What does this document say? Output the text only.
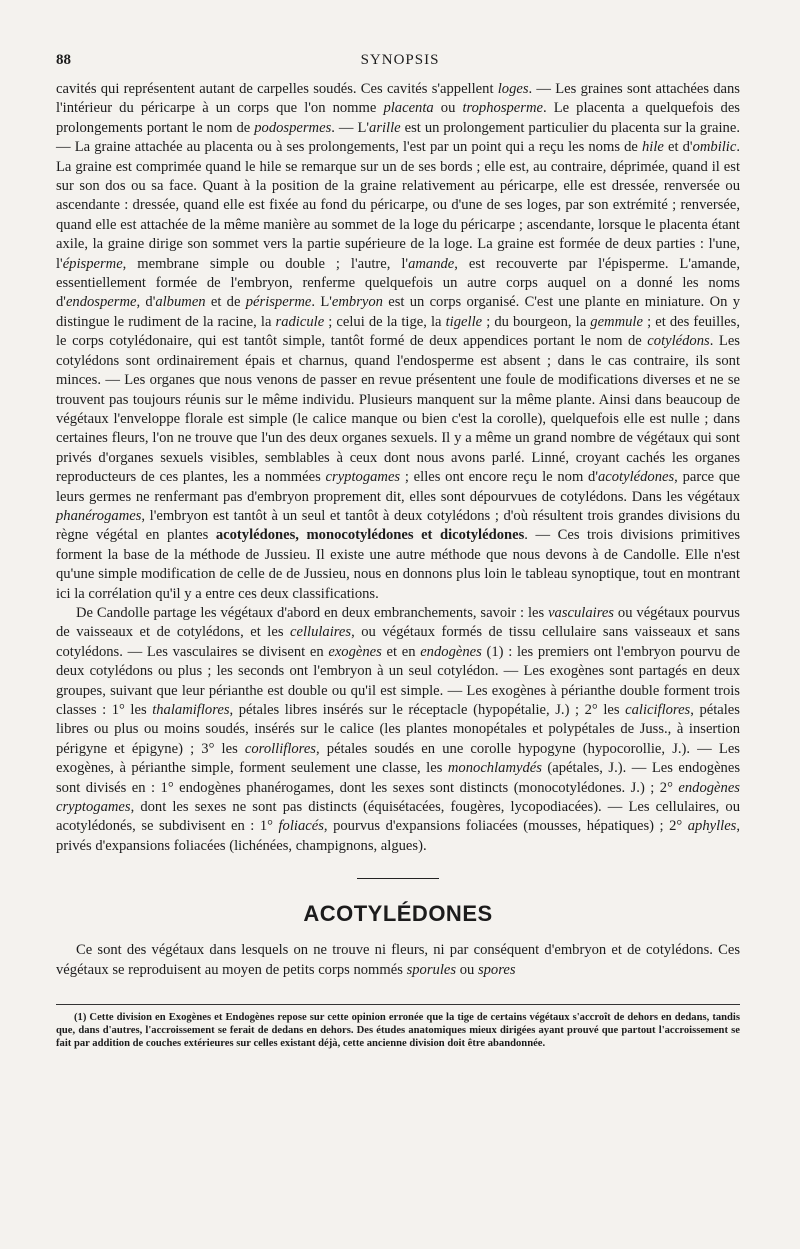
88	SYNOPSIS

cavités qui représentent autant de carpelles soudés. Ces cavités s'appellent loges. — Les graines sont attachées dans l'intérieur du péricarpe à un corps que l'on nomme placenta ou trophosperme. Le placenta a quelquefois des prolongements portant le nom de podospermes. — L'arille est un prolongement particulier du placenta sur la graine. — La graine attachée au placenta ou à ses prolongements, l'est par un point qui a reçu les noms de hile et d'ombilic. La graine est comprimée quand le hile se remarque sur un de ses bords ; elle est, au contraire, déprimée, quand il est sur son dos ou sa face. Quant à la position de la graine relativement au péricarpe, elle est dressée, renversée ou ascendante : dressée, quand elle est fixée au fond du péricarpe, ou d'une de ses loges, par son extrémité ; renversée, quand elle est attachée de la même manière au sommet de la loge du péricarpe ; ascendante, lorsque le placenta étant axile, la graine dirige son sommet vers la partie supérieure de la loge. La graine est formée de deux parties : l'une, l'épisperme, membrane simple ou double ; l'autre, l'amande, est recouverte par l'épisperme. L'amande, essentiellement formée de l'embryon, renferme quelquefois un autre corps auquel on a donné les noms d'endosperme, d'albumen et de périsperme. L'embryon est un corps organisé. C'est une plante en miniature. On y distingue le rudiment de la racine, la radicule ; celui de la tige, la tigelle ; du bourgeon, la gemmule ; et des feuilles, le corps cotylédonaire, qui est tantôt simple, tantôt formé de deux appendices portant le nom de cotylédons. Les cotylédons sont ordinairement épais et charnus, quand l'endosperme est absent ; dans le cas contraire, ils sont minces. — Les organes que nous venons de passer en revue présentent une foule de modifications diverses et ne se trouvent pas toujours réunis sur le même individu. Plusieurs manquent sur la même plante. Ainsi dans beaucoup de végétaux l'enveloppe florale est simple (le calice manque ou bien c'est la corolle), quelquefois elle est nulle ; dans certaines fleurs, l'on ne trouve que l'un des deux organes sexuels. Il y a même un grand nombre de végétaux qui sont privés d'organes sexuels visibles, semblables à ceux dont nous avons parlé. Linné, croyant cachés les organes reproducteurs de ces plantes, les a nommées cryptogames ; elles ont encore reçu le nom d'acotylédones, parce que leurs germes ne renfermant pas d'embryon proprement dit, elles sont dépourvues de cotylédons. Dans les végétaux phanérogames, l'embryon est tantôt à un seul et tantôt à deux cotylédons ; d'où résultent trois grandes divisions du règne végétal en plantes acotylédones, monocotylédones et dicotylédones. — Ces trois divisions primitives forment la base de la méthode de Jussieu. Il existe une autre méthode que nous devons à de Candolle. Elle n'est qu'une simple modification de celle de de Jussieu, nous en donnons plus loin le tableau synoptique, tout en montrant ici la corrélation qu'il y a entre ces deux classifications.

De Candolle partage les végétaux d'abord en deux embranchements, savoir : les vasculaires ou végétaux pourvus de vaisseaux et de cotylédons, et les cellulaires, ou végétaux formés de tissu cellulaire sans vaisseaux et sans cotylédons. — Les vasculaires se divisent en exogènes et en endogènes (1) : les premiers ont l'embryon pourvu de deux cotylédons ou plus ; les seconds ont l'embryon à un seul cotylédon. — Les exogènes sont partagés en deux groupes, suivant que leur périanthe est double ou qu'il est simple. — Les exogènes à périanthe double forment trois classes : 1° les thalamiflores, pétales libres insérés sur le réceptacle (hypopétalie, J.) ; 2° les caliciflores, pétales libres ou plus ou moins soudés, insérés sur le calice (les plantes monopétales et polypétales de Juss., à insertion périgyne et épigyne) ; 3° les corolliflores, pétales soudés en une corolle hypogyne (hypocorollie, J.). — Les exogènes, à périanthe simple, forment seulement une classe, les monochlamydés (apétales, J.). — Les endogènes sont divisés en : 1° endogènes phanérogames, dont les sexes sont distincts (monocotylédones. J.) ; 2° endogènes cryptogames, dont les sexes ne sont pas distincts (équisétacées, fougères, lycopodiacées). — Les cellulaires, ou acotylédonés, se subdivisent en : 1° foliacés, pourvus d'expansions foliacées (mousses, hépatiques) ; 2° aphylles, privés d'expansions foliacées (lichénées, champignons, algues).

ACOTYLÉDONES

Ce sont des végétaux dans lesquels on ne trouve ni fleurs, ni par conséquent d'embryon et de cotylédons. Ces végétaux se reproduisent au moyen de petits corps nommés sporules ou spores

(1) Cette division en Exogènes et Endogènes repose sur cette opinion erronée que la tige de certains végétaux s'accroît de dehors en dedans, tandis que, dans d'autres, l'accroissement se ferait de dedans en dehors. Des études anatomiques mieux dirigées ayant prouvé que partout l'accroissement se fait par addition de couches extérieures sur celles existant déjà, cette ancienne division doit être abandonnée.
